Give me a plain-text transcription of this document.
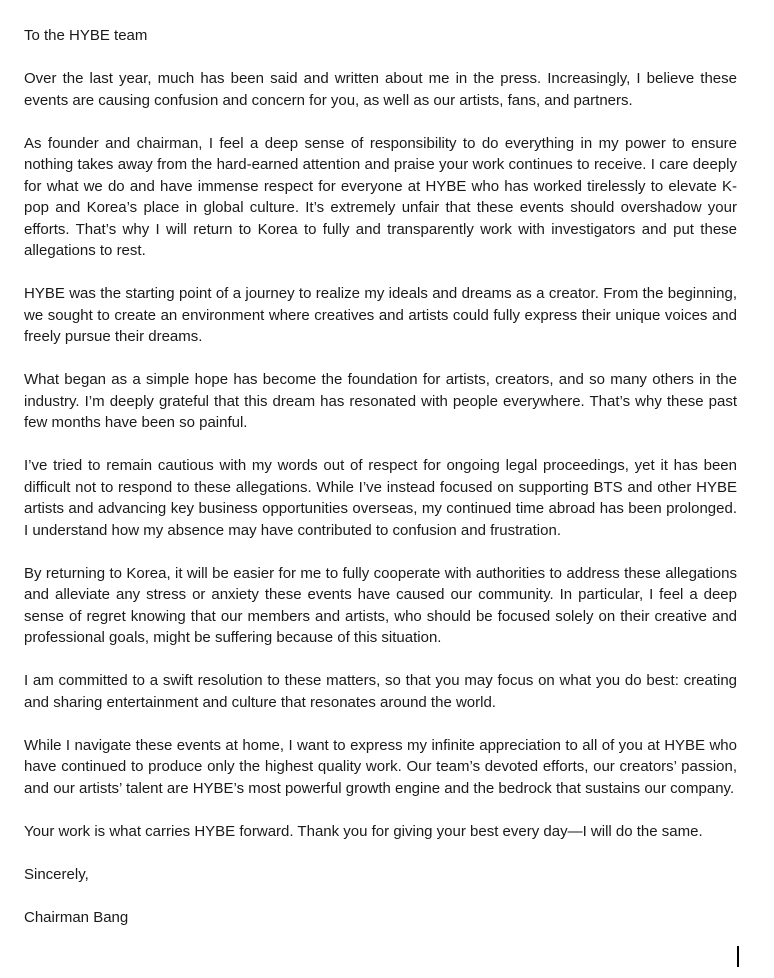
To the HYBE team

Over the last year, much has been said and written about me in the press. Increasingly, I believe these events are causing confusion and concern for you, as well as our artists, fans, and partners.

As founder and chairman, I feel a deep sense of responsibility to do everything in my power to ensure nothing takes away from the hard-earned attention and praise your work continues to receive. I care deeply for what we do and have immense respect for everyone at HYBE who has worked tirelessly to elevate K-pop and Korea’s place in global culture. It’s extremely unfair that these events should overshadow your efforts. That’s why I will return to Korea to fully and transparently work with investigators and put these allegations to rest.

HYBE was the starting point of a journey to realize my ideals and dreams as a creator. From the beginning, we sought to create an environment where creatives and artists could fully express their unique voices and freely pursue their dreams.

What began as a simple hope has become the foundation for artists, creators, and so many others in the industry. I’m deeply grateful that this dream has resonated with people everywhere. That’s why these past few months have been so painful.

I’ve tried to remain cautious with my words out of respect for ongoing legal proceedings, yet it has been difficult not to respond to these allegations. While I’ve instead focused on supporting BTS and other HYBE artists and advancing key business opportunities overseas, my continued time abroad has been prolonged. I understand how my absence may have contributed to confusion and frustration.

By returning to Korea, it will be easier for me to fully cooperate with authorities to address these allegations and alleviate any stress or anxiety these events have caused our community. In particular, I feel a deep sense of regret knowing that our members and artists, who should be focused solely on their creative and professional goals, might be suffering because of this situation.

I am committed to a swift resolution to these matters, so that you may focus on what you do best: creating and sharing entertainment and culture that resonates around the world.

While I navigate these events at home, I want to express my infinite appreciation to all of you at HYBE who have continued to produce only the highest quality work. Our team’s devoted efforts, our creators’ passion, and our artists’ talent are HYBE’s most powerful growth engine and the bedrock that sustains our company.

Your work is what carries HYBE forward. Thank you for giving your best every day—I will do the same.

Sincerely,

Chairman Bang
